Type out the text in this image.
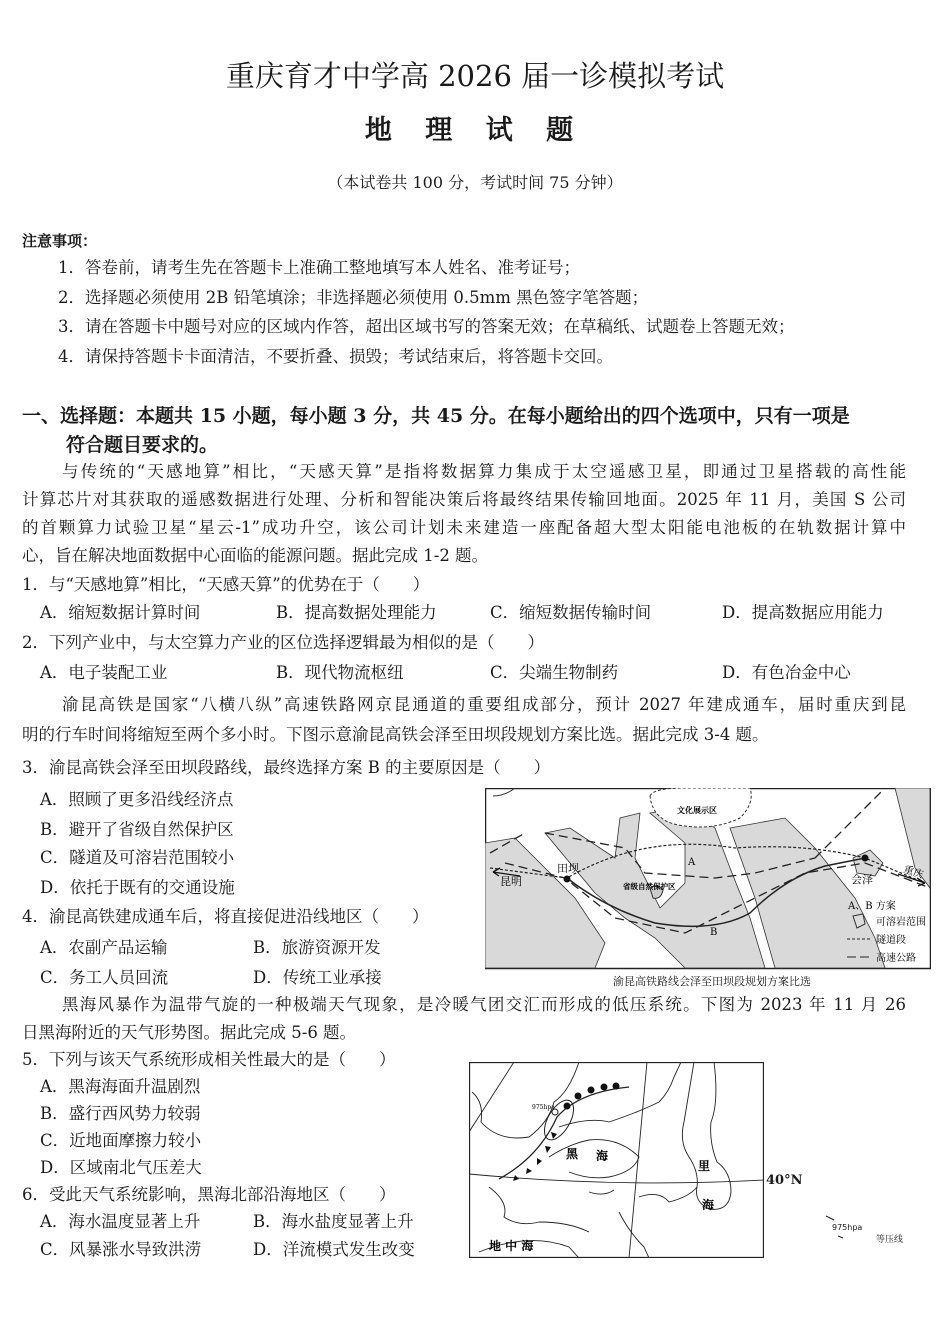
重庆育才中学高 2026 届一诊模拟考试
地 理 试 题
（本试卷共 100 分，考试时间 75 分钟）
注意事项：
1．答卷前，请考生先在答题卡上准确工整地填写本人姓名、准考证号；
2．选择题必须使用 2B 铅笔填涂；非选择题必须使用 0.5mm 黑色签字笔答题；
3．请在答题卡中题号对应的区域内作答，超出区域书写的答案无效；在草稿纸、试题卷上答题无效；
4．请保持答题卡卡面清洁，不要折叠、损毁；考试结束后，将答题卡交回。
一、选择题：本题共 15 小题，每小题 3 分，共 45 分。在每小题给出的四个选项中，只有一项是
符合题目要求的。
与传统的“天感地算”相比，“天感天算”是指将数据算力集成于太空遥感卫星，即通过卫星搭载的高性能
计算芯片对其获取的遥感数据进行处理、分析和智能决策后将最终结果传输回地面。2025 年 11 月，美国 S 公司
的首颗算力试验卫星“星云-1”成功升空，该公司计划未来建造一座配备超大型太阳能电池板的在轨数据计算中
心，旨在解决地面数据中心面临的能源问题。据此完成 1-2 题。
1．与“天感地算”相比，“天感天算”的优势在于（　　）
A．缩短数据计算时间	B．提高数据处理能力	C．缩短数据传输时间	D．提高数据应用能力
2．下列产业中，与太空算力产业的区位选择逻辑最为相似的是（　　）
A．电子装配工业	B．现代物流枢纽	C．尖端生物制药	D．有色冶金中心
渝昆高铁是国家“八横八纵”高速铁路网京昆通道的重要组成部分，预计 2027 年建成通车，届时重庆到昆
明的行车时间将缩短至两个多小时。下图示意渝昆高铁会泽至田坝段规划方案比选。据此完成 3-4 题。
3．渝昆高铁会泽至田坝段路线，最终选择方案 B 的主要原因是（　　）
A．照顾了更多沿线经济点
B．避开了省级自然保护区
C．隧道及可溶岩范围较小
D．依托于既有的交通设施
4．渝昆高铁建成通车后，将直接促进沿线地区（　　）
A．农副产品运输	B．旅游资源开发
C．务工人员回流	D．传统工业承接
文化展示区
昆明
田坝
省级自然保护区
会泽	重庆
A
B
A、B 方案
可溶岩范围
隧道段
高速公路
渝昆高铁路线会泽至田坝段规划方案比选
黑海风暴作为温带气旋的一种极端天气现象，是冷暖气团交汇而形成的低压系统。下图为 2023 年 11 月 26
日黑海附近的天气形势图。据此完成 5-6 题。
5．下列与该天气系统形成相关性最大的是（　　）
A．黑海海面升温剧烈
B．盛行西风势力较弱
C．近地面摩擦力较小
D．区域南北气压差大
6．受此天气系统影响，黑海北部沿海地区（　　）
A．海水温度显著上升	B．海水盐度显著上升
C．风暴涨水导致洪涝	D．洋流模式发生改变
975hpa
黑 海
里
海
地 中 海
40°N
975hpa
等压线
